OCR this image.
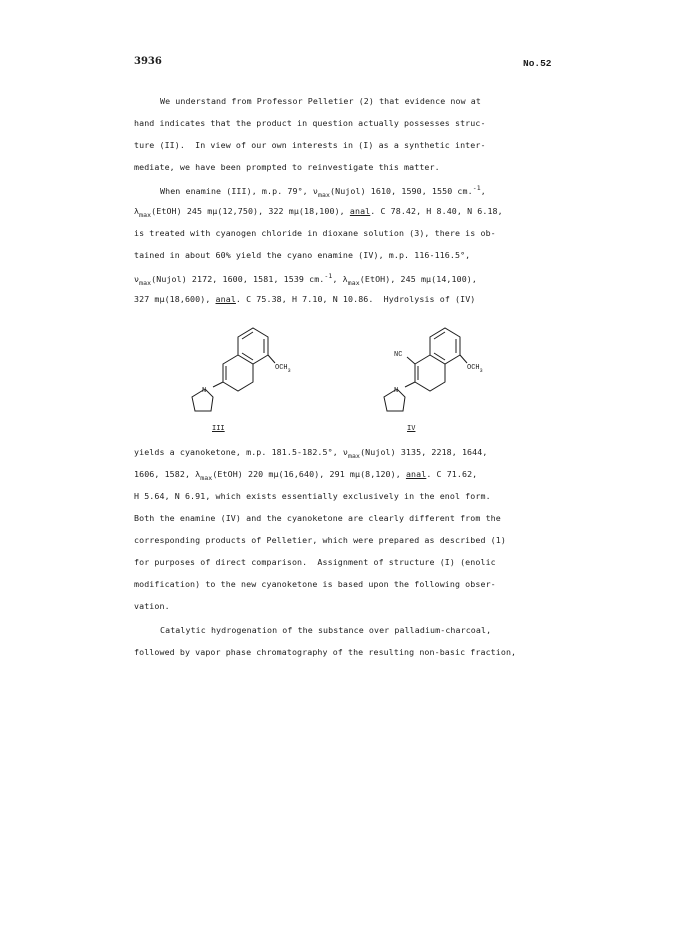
3936	No.52
We understand from Professor Pelletier (2) that evidence now at
hand indicates that the product in question actually possesses struc-
ture (II).  In view of our own interests in (I) as a synthetic inter-
mediate, we have been prompted to reinvestigate this matter.
When enamine (III), m.p. 79°, $\nu_{max}(Nujol)$ 1610, 1590, 1550 cm.$^{-1}$,
$\lambda_{max}(EtOH)$ 245 mμ(12,750), 322 mμ(18,100), anal. C 78.42, H 8.40, N 6.18,
is treated with cyanogen chloride in dioxane solution (3), there is ob-
tained in about 60% yield the cyano enamine (IV), m.p. 116-116.5°,
$\nu_{max}(Nujol)$ 2172, 1600, 1581, 1539 cm.$^{-1}$, $\lambda_{max}(EtOH)$, 245 mμ(14,100),
327 mμ(18,600), anal. C 75.38, H 7.10, N 10.86.  Hydrolysis of (IV)
$OCH_3$
N
III
NC
$OCH_3$
N
IV
yields a cyanoketone, m.p. 181.5-182.5°, $\nu_{max}(Nujol)$ 3135, 2218, 1644,
1606, 1582, $\lambda_{max}(EtOH)$ 220 mμ(16,640), 291 mμ(8,120), anal. C 71.62,
H 5.64, N 6.91, which exists essentially exclusively in the enol form.
Both the enamine (IV) and the cyanoketone are clearly different from the
corresponding products of Pelletier, which were prepared as described (1)
for purposes of direct comparison.  Assignment of structure (I) (enolic
modification) to the new cyanoketone is based upon the following obser-
vation.
Catalytic hydrogenation of the substance over palladium-charcoal,
followed by vapor phase chromatography of the resulting non-basic fraction,
